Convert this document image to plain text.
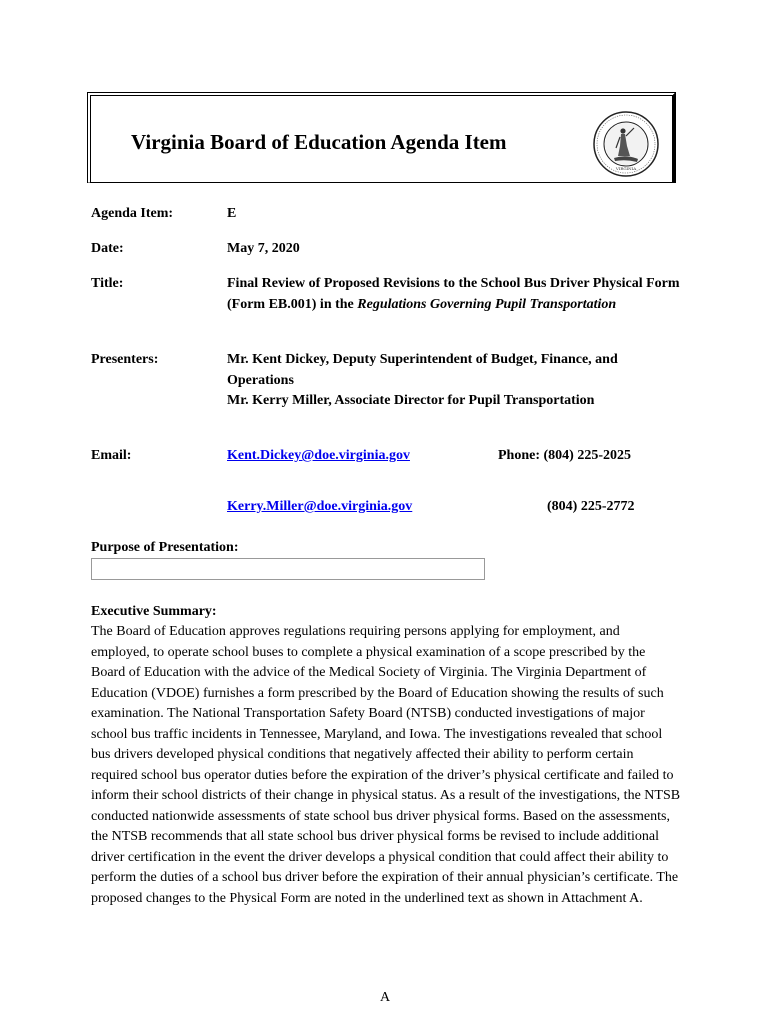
Virginia Board of Education Agenda Item
VIRGINIA
Agenda Item:	E
Date:	May 7, 2020
Title:	Final Review of Proposed Revisions to the School Bus Driver Physical Form (Form EB.001) in the Regulations Governing Pupil Transportation
Presenters:	Mr. Kent Dickey, Deputy Superintendent of Budget, Finance, and Operations
Mr. Kerry Miller, Associate Director for Pupil Transportation
Email:	Kent.Dickey@doe.virginia.gov	Phone: (804) 225-2025
Kerry.Miller@doe.virginia.gov	(804) 225-2772
Purpose of Presentation:
Executive Summary:
The Board of Education approves regulations requiring persons applying for employment, and employed, to operate school buses to complete a physical examination of a scope prescribed by the Board of Education with the advice of the Medical Society of Virginia. The Virginia Department of Education (VDOE) furnishes a form prescribed by the Board of Education showing the results of such examination. The National Transportation Safety Board (NTSB) conducted investigations of major school bus traffic incidents in Tennessee, Maryland, and Iowa. The investigations revealed that school bus drivers developed physical conditions that negatively affected their ability to perform certain required school bus operator duties before the expiration of the driver’s physical certificate and failed to inform their school districts of their change in physical status. As a result of the investigations, the NTSB conducted nationwide assessments of state school bus driver physical forms. Based on the assessments, the NTSB recommends that all state school bus driver physical forms be revised to include additional driver certification in the event the driver develops a physical condition that could affect their ability to perform the duties of a school bus driver before the expiration of their annual physician’s certificate. The proposed changes to the Physical Form are noted in the underlined text as shown in Attachment A.
A
